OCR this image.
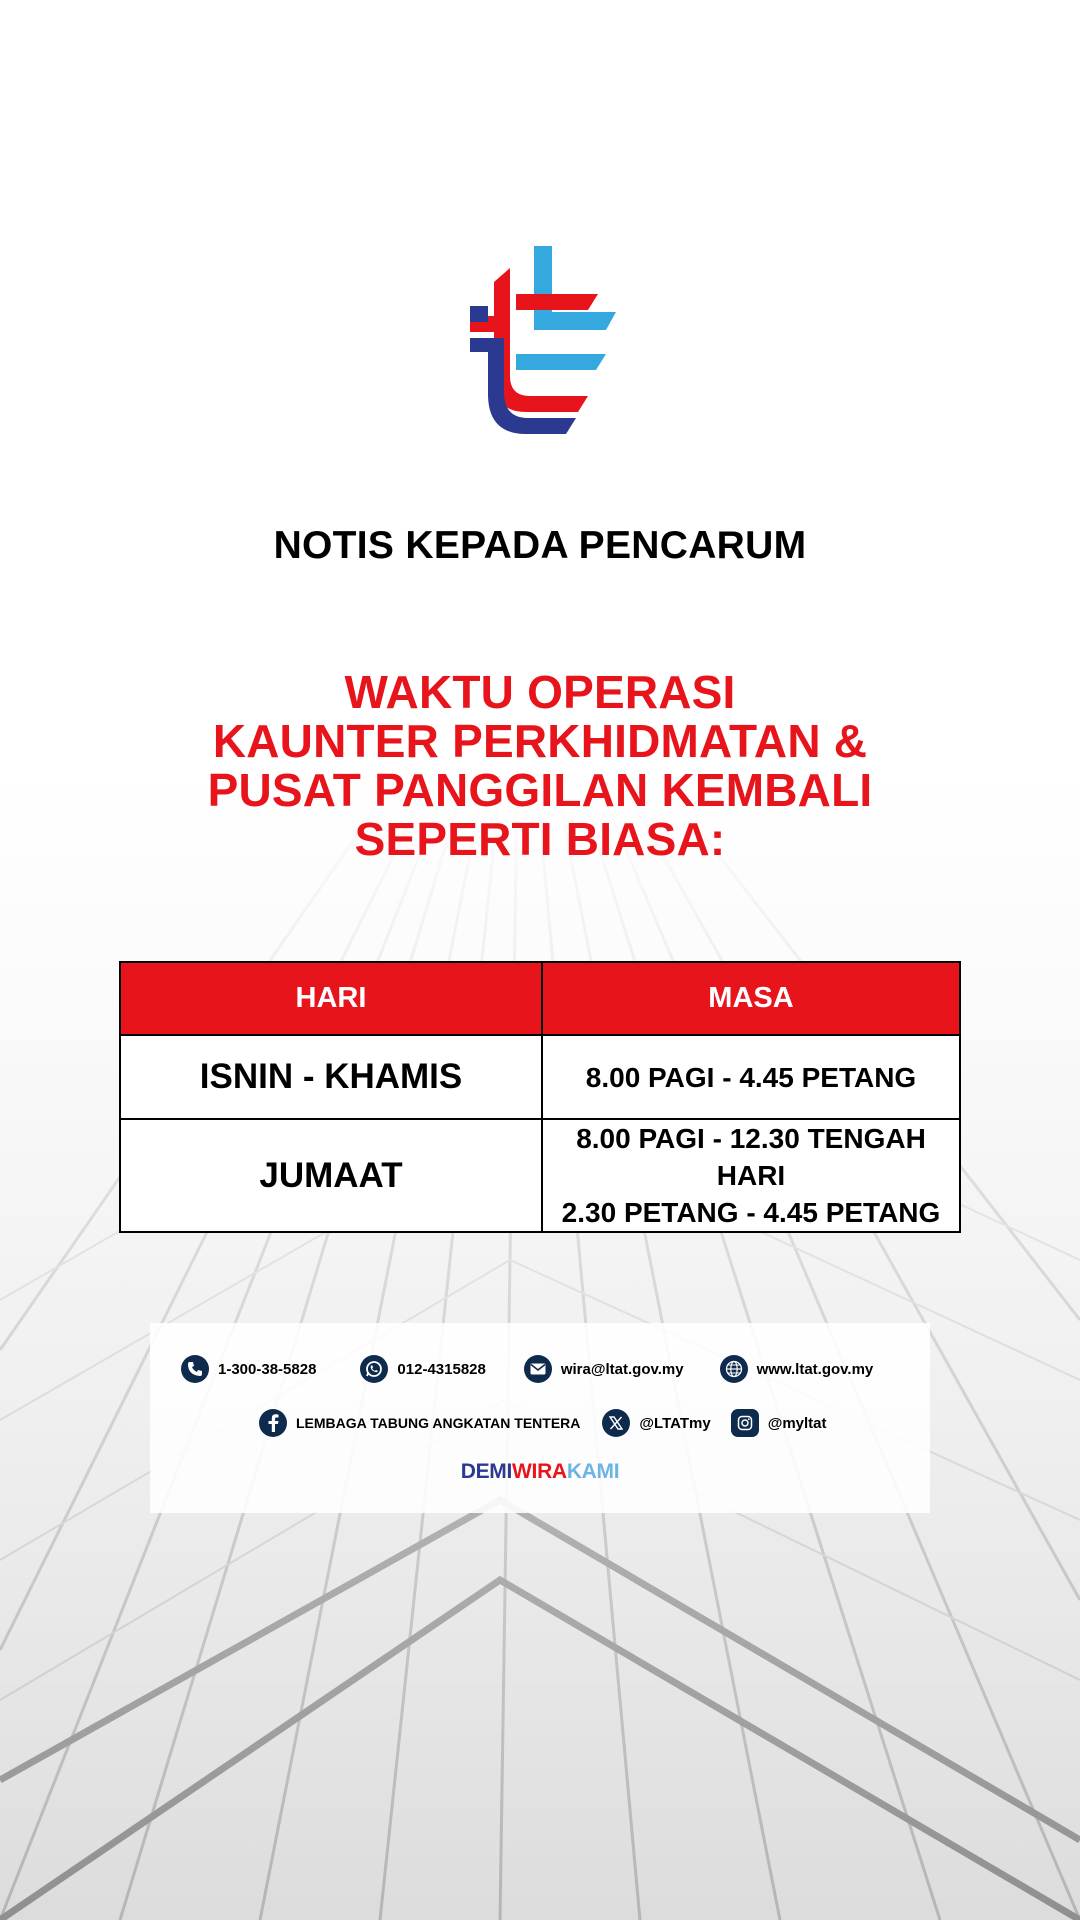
NOTIS KEPADA PENCARUM
WAKTU OPERASI
KAUNTER PERKHIDMATAN &
PUSAT PANGGILAN KEMBALI
SEPERTI BIASA:
HARI	MASA
ISNIN - KHAMIS	8.00 PAGI - 4.45 PETANG

JUMAAT	8.00 PAGI - 12.30 TENGAH HARI
2.30 PETANG - 4.45 PETANG
1-300-38-5828	012-4315828	wira@ltat.gov.my	www.ltat.gov.my
LEMBAGA TABUNG ANGKATAN TENTERA	@LTATmy	@myltat
DEMIWIRAKAMI
